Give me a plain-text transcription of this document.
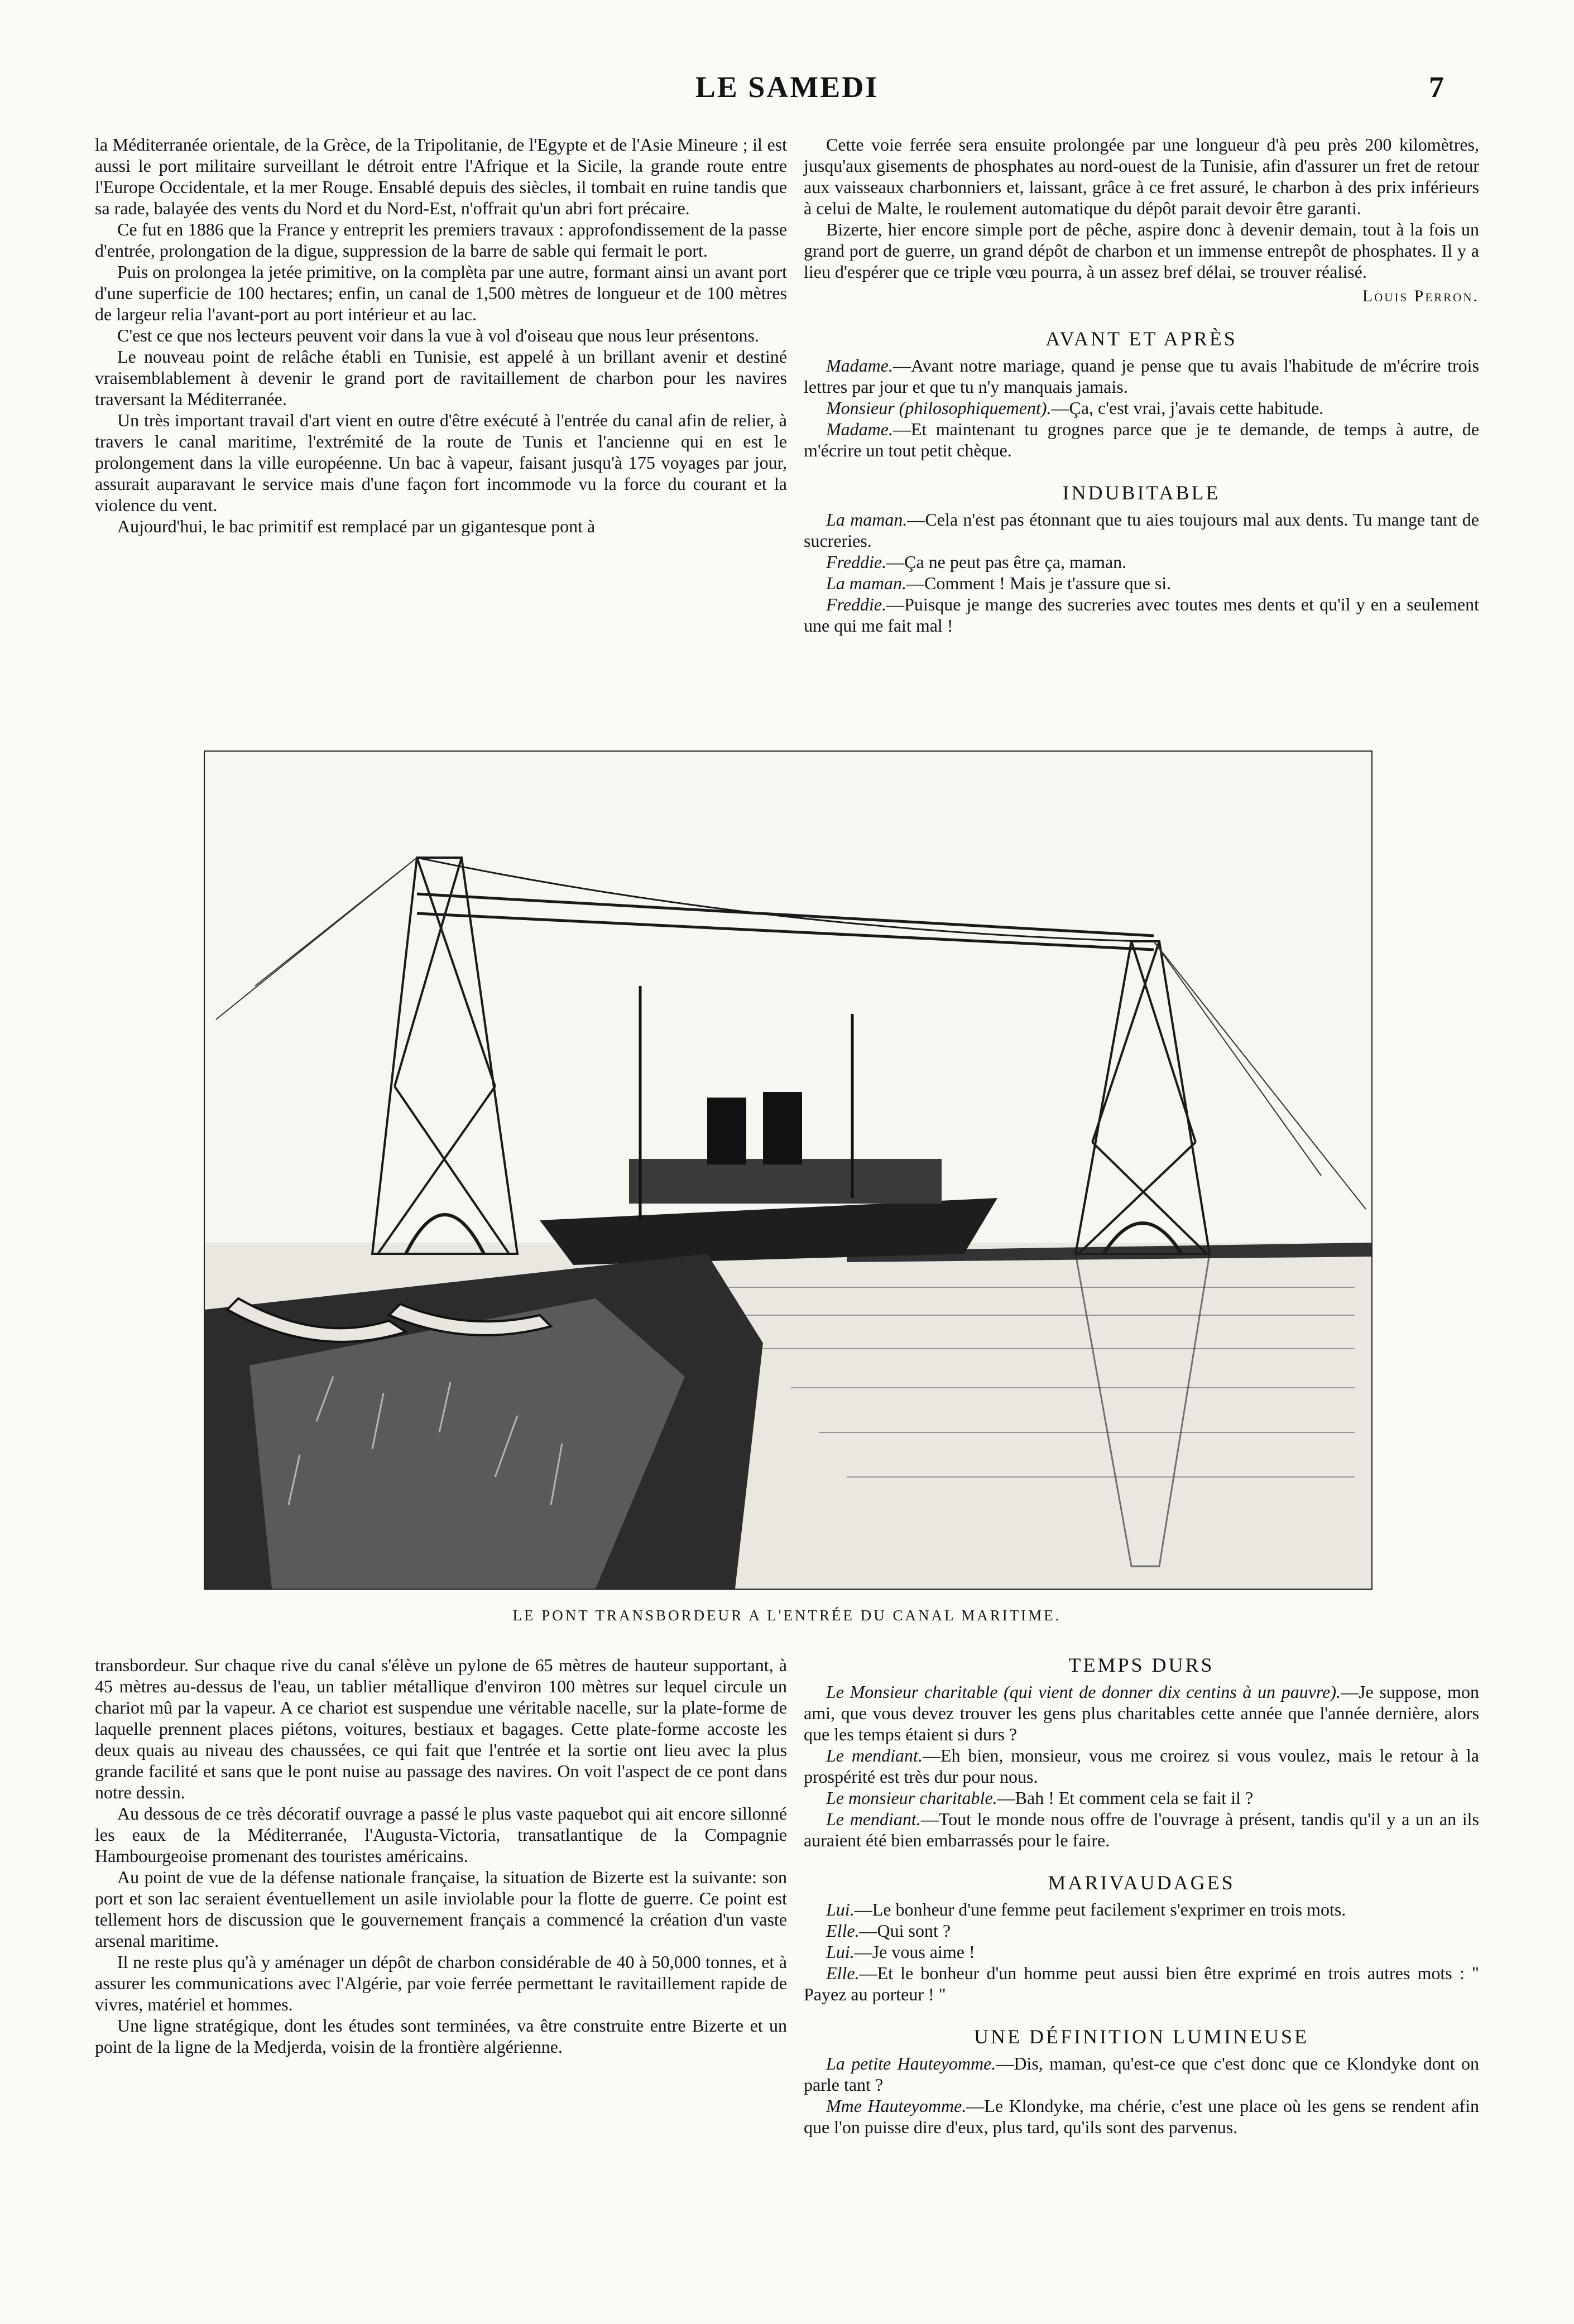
LE SAMEDI	7

la Méditerranée orientale, de la Grèce, de la Tripolitanie, de l'Egypte et de l'Asie Mineure ; il est aussi le port militaire surveillant le détroit entre l'Afrique et la Sicile, la grande route entre l'Europe Occidentale, et la mer Rouge. Ensablé depuis des siècles, il tombait en ruine tandis que sa rade, balayée des vents du Nord et du Nord-Est, n'offrait qu'un abri fort précaire.

Ce fut en 1886 que la France y entreprit les premiers travaux : approfondissement de la passe d'entrée, prolongation de la digue, suppression de la barre de sable qui fermait le port.

Puis on prolongea la jetée primitive, on la complèta par une autre, formant ainsi un avant port d'une superficie de 100 hectares; enfin, un canal de 1,500 mètres de longueur et de 100 mètres de largeur relia l'avant-port au port intérieur et au lac.

C'est ce que nos lecteurs peuvent voir dans la vue à vol d'oiseau que nous leur présentons.

Le nouveau point de relâche établi en Tunisie, est appelé à un brillant avenir et destiné vraisemblablement à devenir le grand port de ravitaillement de charbon pour les navires traversant la Méditerranée.

Un très important travail d'art vient en outre d'être exécuté à l'entrée du canal afin de relier, à travers le canal maritime, l'extrémité de la route de Tunis et l'ancienne qui en est le prolongement dans la ville européenne. Un bac à vapeur, faisant jusqu'à 175 voyages par jour, assurait auparavant le service mais d'une façon fort incommode vu la force du courant et la violence du vent.

Aujourd'hui, le bac primitif est remplacé par un gigantesque pont à

Cette voie ferrée sera ensuite prolongée par une longueur d'à peu près 200 kilomètres, jusqu'aux gisements de phosphates au nord-ouest de la Tunisie, afin d'assurer un fret de retour aux vaisseaux charbonniers et, laissant, grâce à ce fret assuré, le charbon à des prix inférieurs à celui de Malte, le roulement automatique du dépôt parait devoir être garanti.

Bizerte, hier encore simple port de pêche, aspire donc à devenir demain, tout à la fois un grand port de guerre, un grand dépôt de charbon et un immense entrepôt de phosphates. Il y a lieu d'espérer que ce triple vœu pourra, à un assez bref délai, se trouver réalisé.

Louis Perron.
AVANT ET APRÈS

Madame.—Avant notre mariage, quand je pense que tu avais l'habitude de m'écrire trois lettres par jour et que tu n'y manquais jamais.

Monsieur (philosophiquement).—Ça, c'est vrai, j'avais cette habitude.

Madame.—Et maintenant tu grognes parce que je te demande, de temps à autre, de m'écrire un tout petit chèque.

INDUBITABLE

La maman.—Cela n'est pas étonnant que tu aies toujours mal aux dents. Tu mange tant de sucreries.

Freddie.—Ça ne peut pas être ça, maman.

La maman.—Comment ! Mais je t'assure que si.

Freddie.—Puisque je mange des sucreries avec toutes mes dents et qu'il y en a seulement une qui me fait mal !

LE PONT TRANSBORDEUR A L'ENTRÉE DU CANAL MARITIME.

transbordeur. Sur chaque rive du canal s'élève un pylone de 65 mètres de hauteur supportant, à 45 mètres au-dessus de l'eau, un tablier métallique d'environ 100 mètres sur lequel circule un chariot mû par la vapeur. A ce chariot est suspendue une véritable nacelle, sur la plate-forme de laquelle prennent places piétons, voitures, bestiaux et bagages. Cette plate-forme accoste les deux quais au niveau des chaussées, ce qui fait que l'entrée et la sortie ont lieu avec la plus grande facilité et sans que le pont nuise au passage des navires. On voit l'aspect de ce pont dans notre dessin.

Au dessous de ce très décoratif ouvrage a passé le plus vaste paquebot qui ait encore sillonné les eaux de la Méditerranée, l'Augusta-Victoria, transatlantique de la Compagnie Hambourgeoise promenant des touristes américains.

Au point de vue de la défense nationale française, la situation de Bizerte est la suivante: son port et son lac seraient éventuellement un asile inviolable pour la flotte de guerre. Ce point est tellement hors de discussion que le gouvernement français a commencé la création d'un vaste arsenal maritime.

Il ne reste plus qu'à y aménager un dépôt de charbon considérable de 40 à 50,000 tonnes, et à assurer les communications avec l'Algérie, par voie ferrée permettant le ravitaillement rapide de vivres, matériel et hommes.

Une ligne stratégique, dont les études sont terminées, va être construite entre Bizerte et un point de la ligne de la Medjerda, voisin de la frontière algérienne.

TEMPS DURS

Le Monsieur charitable (qui vient de donner dix centins à un pauvre).—Je suppose, mon ami, que vous devez trouver les gens plus charitables cette année que l'année dernière, alors que les temps étaient si durs ?

Le mendiant.—Eh bien, monsieur, vous me croirez si vous voulez, mais le retour à la prospérité est très dur pour nous.

Le monsieur charitable.—Bah ! Et comment cela se fait il ?

Le mendiant.—Tout le monde nous offre de l'ouvrage à présent, tandis qu'il y a un an ils auraient été bien embarrassés pour le faire.

MARIVAUDAGES

Lui.—Le bonheur d'une femme peut facilement s'exprimer en trois mots.

Elle.—Qui sont ?

Lui.—Je vous aime !

Elle.—Et le bonheur d'un homme peut aussi bien être exprimé en trois autres mots : " Payez au porteur ! "

UNE DÉFINITION LUMINEUSE

La petite Hauteyomme.—Dis, maman, qu'est-ce que c'est donc que ce Klondyke dont on parle tant ?

Mme Hauteyomme.—Le Klondyke, ma chérie, c'est une place où les gens se rendent afin que l'on puisse dire d'eux, plus tard, qu'ils sont des parvenus.
